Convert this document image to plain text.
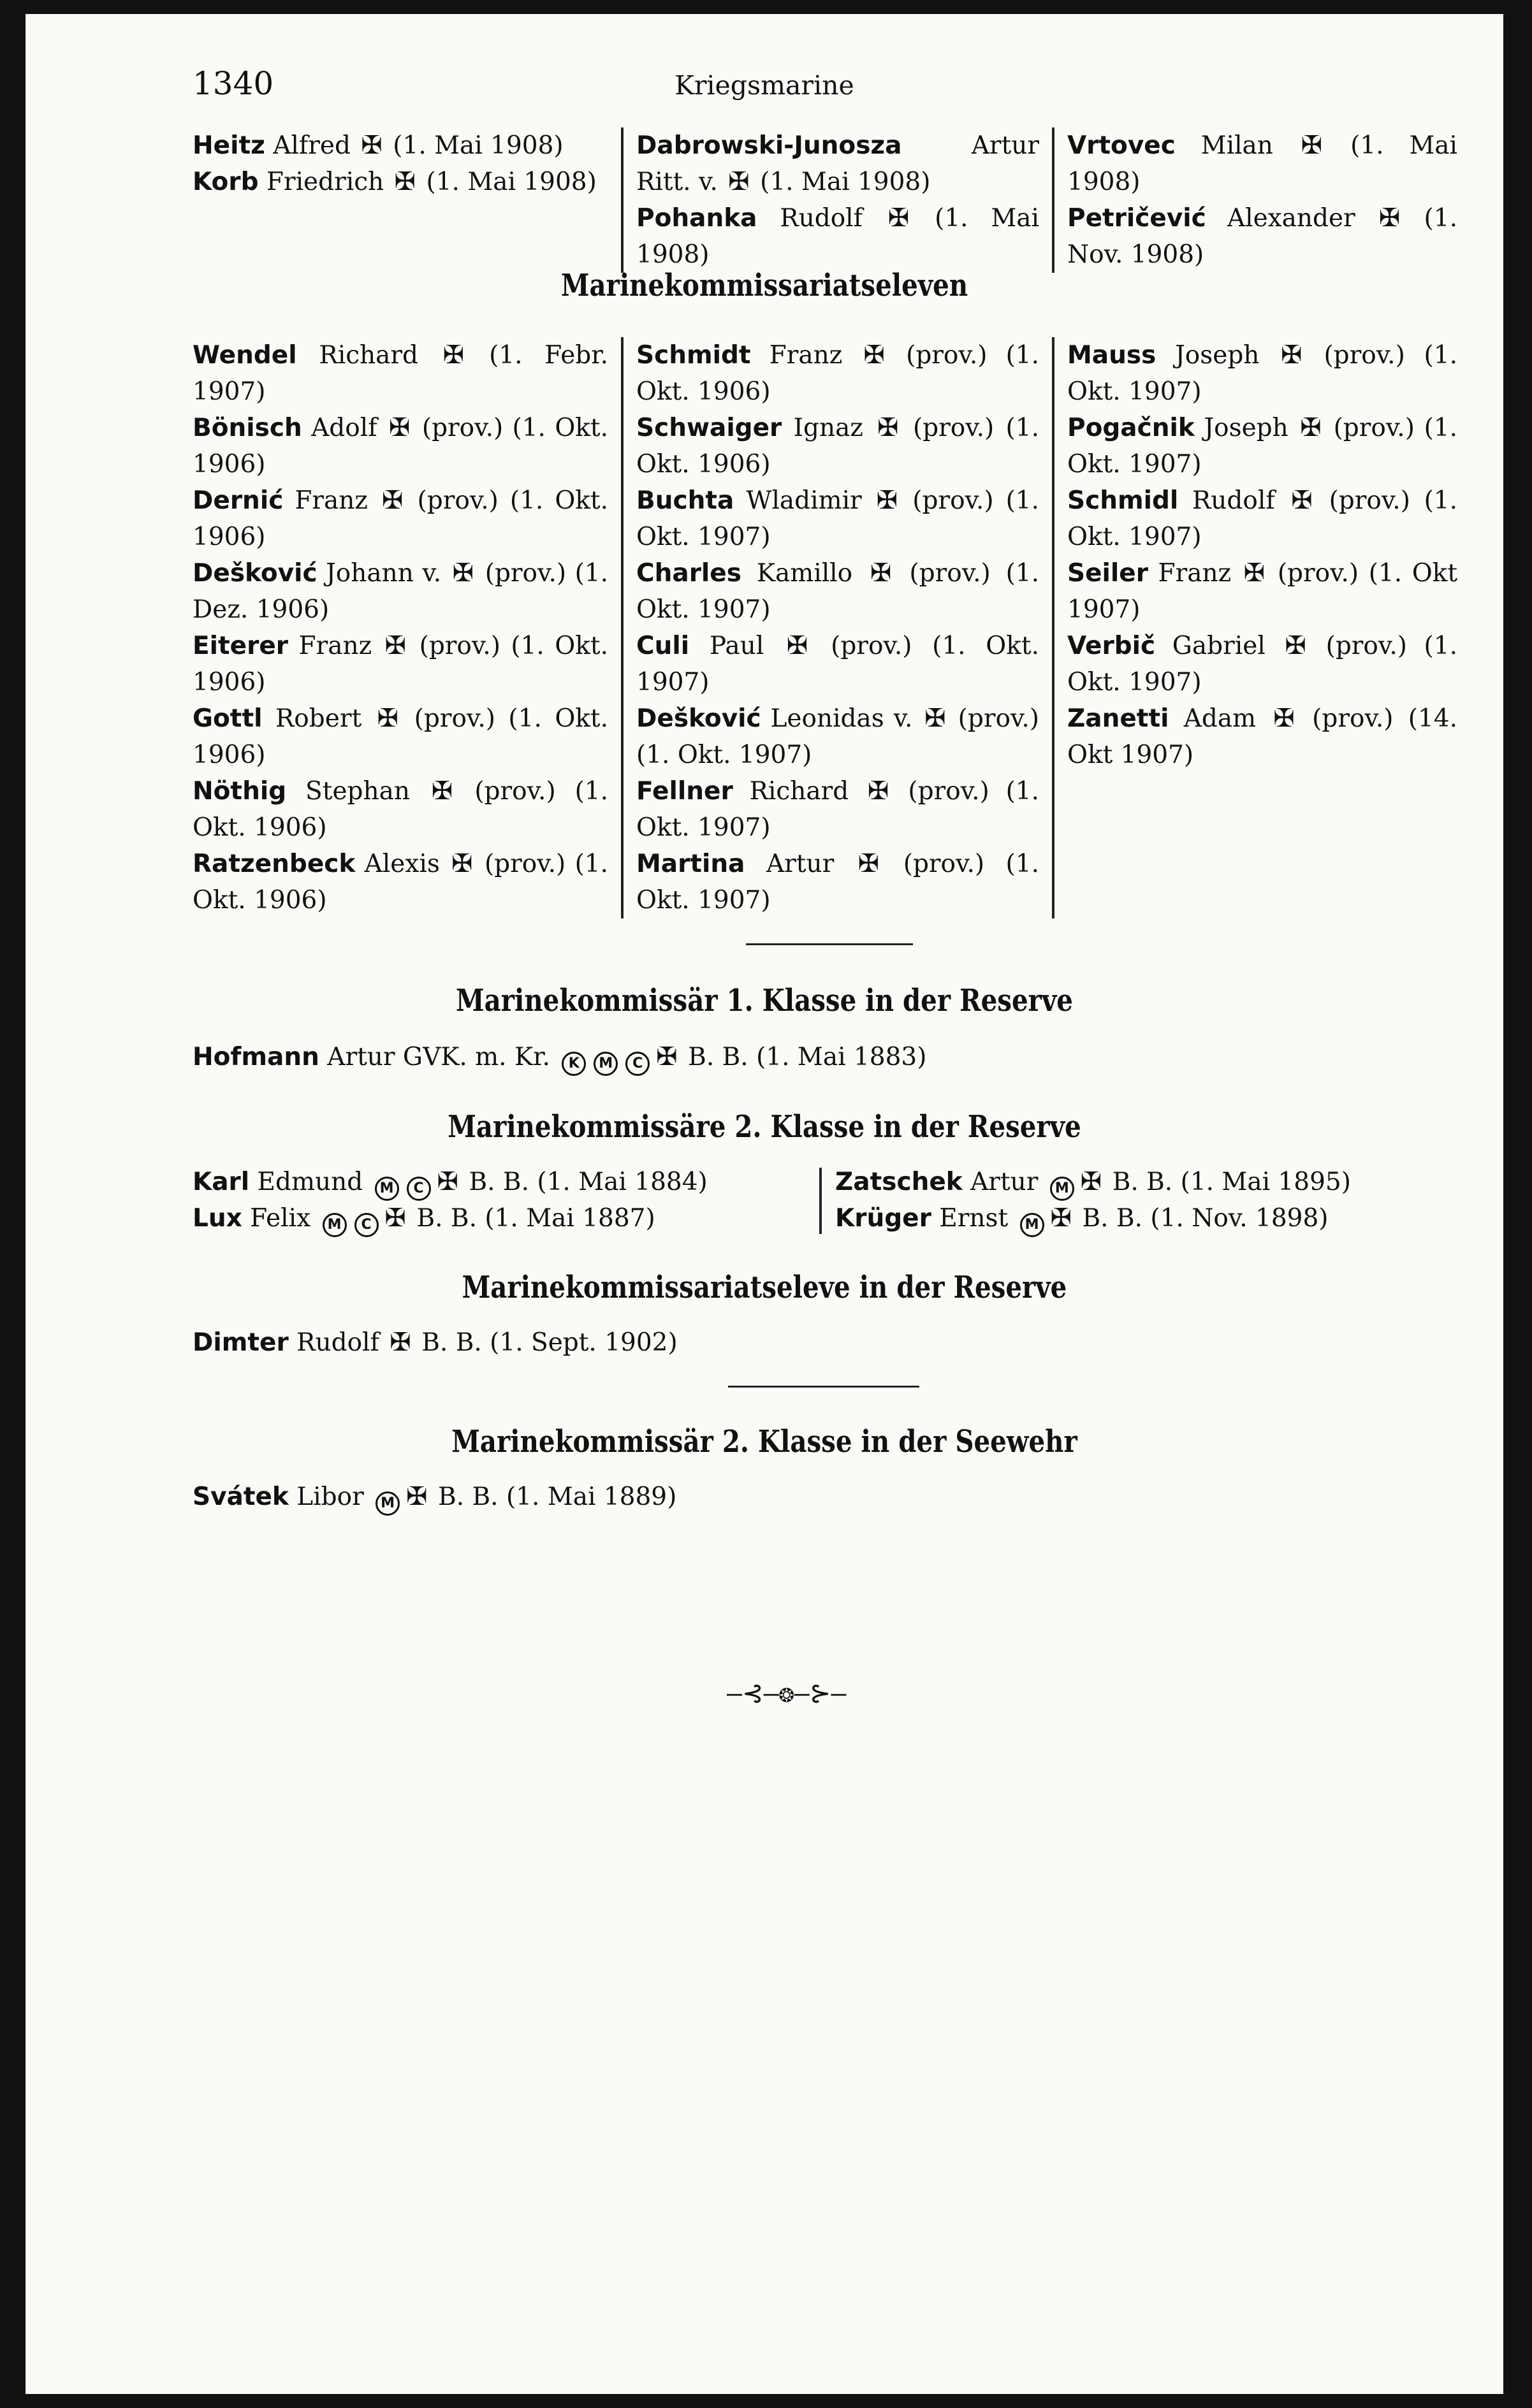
1340	Kriegsmarine
Heitz Alfred ✠ (1. Mai 1908)
Korb Friedrich ✠ (1. Mai 1908)
Dabrowski-Junosza Artur Ritt. v. ✠ (1. Mai 1908)
Pohanka Rudolf ✠ (1. Mai 1908)
Vrtovec Milan ✠ (1. Mai 1908)
Petričević Alexander ✠ (1. Nov. 1908)
Marinekommissariatseleven
Wendel Richard ✠ (1. Febr. 1907)
Bönisch Adolf ✠ (prov.) (1. Okt. 1906)
Dernić Franz ✠ (prov.) (1. Okt. 1906)
Dešković Johann v. ✠ (prov.) (1. Dez. 1906)
Eiterer Franz ✠ (prov.) (1. Okt. 1906)
Gottl Robert ✠ (prov.) (1. Okt. 1906)
Nöthig Stephan ✠ (prov.) (1. Okt. 1906)
Ratzenbeck Alexis ✠ (prov.) (1. Okt. 1906)
Schmidt Franz ✠ (prov.) (1. Okt. 1906)
Schwaiger Ignaz ✠ (prov.) (1. Okt. 1906)
Buchta Wladimir ✠ (prov.) (1. Okt. 1907)
Charles Kamillo ✠ (prov.) (1. Okt. 1907)
Culi Paul ✠ (prov.) (1. Okt. 1907)
Dešković Leonidas v. ✠ (prov.) (1. Okt. 1907)
Fellner Richard ✠ (prov.) (1. Okt. 1907)
Martina Artur ✠ (prov.) (1. Okt. 1907)
Mauss Joseph ✠ (prov.) (1. Okt. 1907)
Pogačnik Joseph ✠ (prov.) (1. Okt. 1907)
Schmidl Rudolf ✠ (prov.) (1. Okt. 1907)
Seiler Franz ✠ (prov.) (1. Okt 1907)
Verbič Gabriel ✠ (prov.) (1. Okt. 1907)
Zanetti Adam ✠ (prov.) (14. Okt 1907)
Marinekommissär 1. Klasse in der Reserve
Hofmann Artur GVK. m. Kr. K M C ✠ B. B. (1. Mai 1883)
Marinekommissäre 2. Klasse in der Reserve
Karl Edmund M C ✠ B. B. (1. Mai 1884)
Lux Felix M C ✠ B. B. (1. Mai 1887)
Zatschek Artur M ✠ B. B. (1. Mai 1895)
Krüger Ernst M ✠ B. B. (1. Nov. 1898)
Marinekommissariatseleve in der Reserve
Dimter Rudolf ✠ B. B. (1. Sept. 1902)
Marinekommissär 2. Klasse in der Seewehr
Svátek Libor M ✠ B. B. (1. Mai 1889)
—⊰—❂—⊱—
